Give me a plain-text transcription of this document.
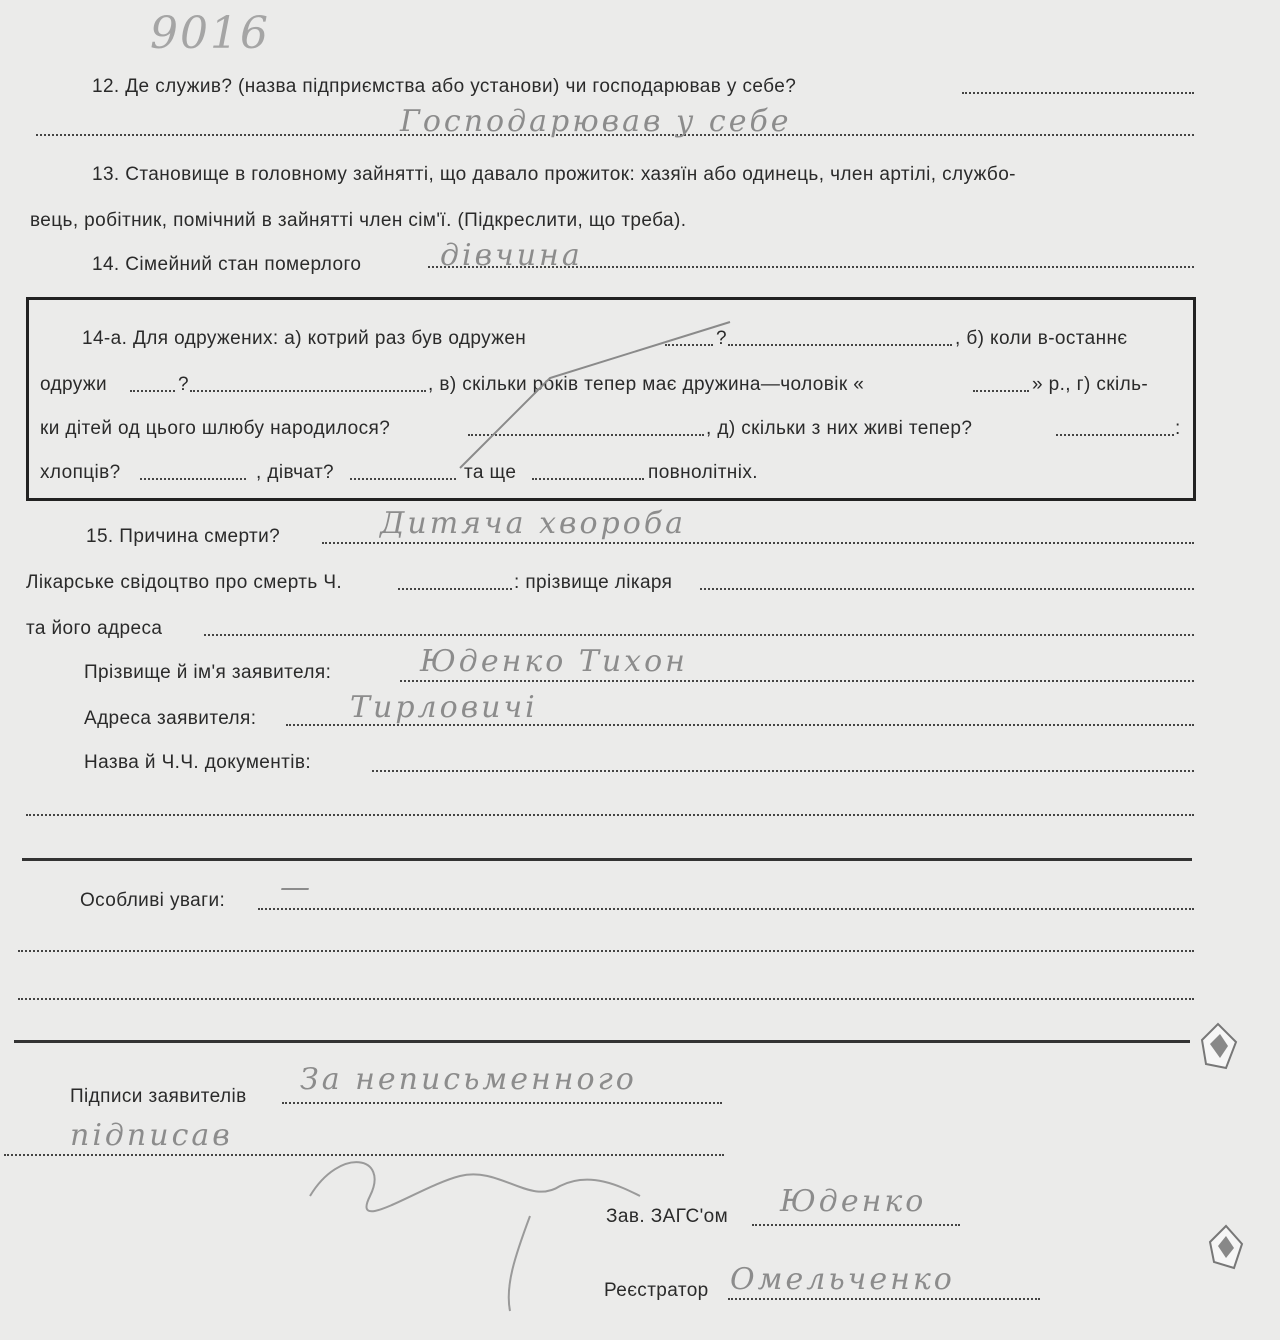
9016
12. Де служив? (назва підприємства або установи) чи господарював у себе?
Господарював у себе
13. Становище в головному зайнятті, що давало прожиток: хазяїн або одинець, член артілі, службо-
вець, робітник, помічний в зайнятті член сім'ї. (Підкреслити, що треба).
14. Сімейний стан померлого	дівчина
14-а. Для одружених: а) котрий раз був одружен	?	, б) коли в-останнє
одружи	?	, в) скільки років тепер має дружина—чоловік «	» р., г) скіль-
ки дітей од цього шлюбу народилося?	, д) скільки з них живі тепер?	:
хлопців?	, дівчат?	та ще	повнолітніх.
15. Причина смерти?	Дитяча хвороба
Лікарське свідоцтво про смерть Ч.	: прізвище лікаря
та його адреса
Прізвище й ім'я заявителя:	Юденко Тихон
Адреса заявителя:	Тирловичі
Назва й Ч.Ч. документів:
Особливі уваги: —
Підписи заявителів За неписьменного
підписав
Зав. ЗАГС'ом Юденко
Реєстратор Омельченко
